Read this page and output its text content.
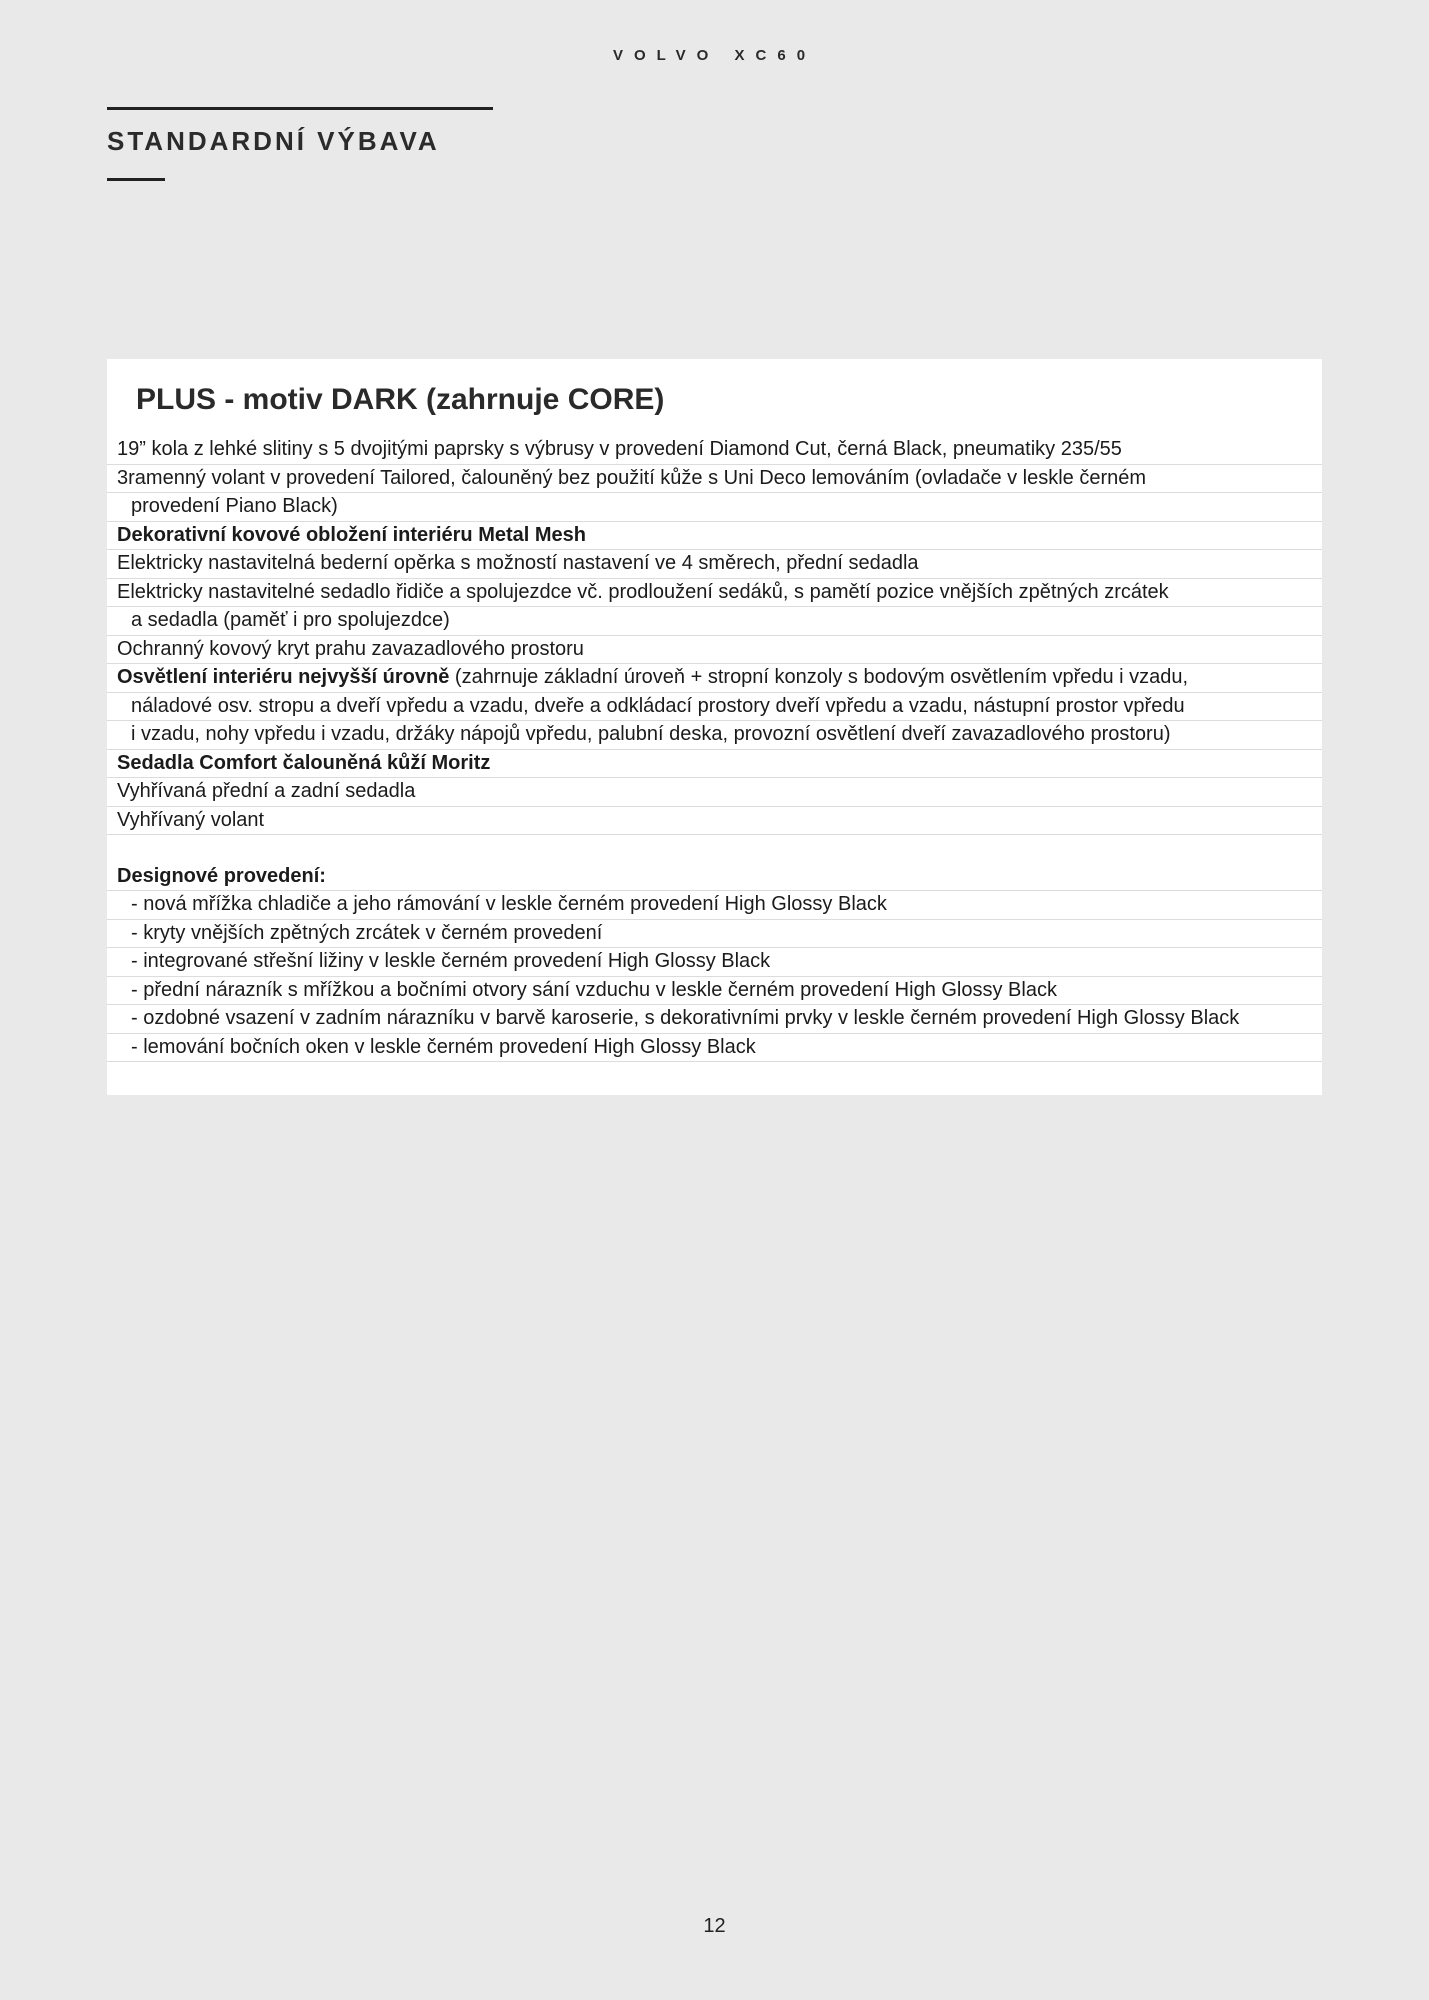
VOLVO XC60
STANDARDNÍ VÝBAVA
PLUS - motiv DARK (zahrnuje CORE)
19” kola z lehké slitiny s 5 dvojitými paprsky s výbrusy v provedení Diamond Cut, černá Black, pneumatiky 235/55
3ramenný volant v provedení Tailored, čalouněný bez použití kůže s Uni Deco lemováním (ovladače v leskle černém
provedení Piano Black)
Dekorativní kovové obložení interiéru Metal Mesh
Elektricky nastavitelná bederní opěrka s možností nastavení ve 4 směrech, přední sedadla
Elektricky nastavitelné sedadlo řidiče a spolujezdce vč. prodloužení sedáků, s pamětí pozice vnějších zpětných zrcátek
a sedadla (paměť i pro spolujezdce)
Ochranný kovový kryt prahu zavazadlového prostoru
Osvětlení interiéru nejvyšší úrovně (zahrnuje základní úroveň + stropní konzoly s bodovým osvětlením vpředu i vzadu,
náladové osv. stropu a dveří vpředu a vzadu, dveře a odkládací prostory dveří vpředu a vzadu, nástupní prostor vpředu
i vzadu, nohy vpředu i vzadu, držáky nápojů vpředu, palubní deska, provozní osvětlení dveří zavazadlového prostoru)
Sedadla Comfort čalouněná kůží Moritz
Vyhřívaná přední a zadní sedadla
Vyhřívaný volant
Designové provedení:
- nová mřížka chladiče a jeho rámování v leskle černém provedení High Glossy Black
- kryty vnějších zpětných zrcátek v černém provedení
- integrované střešní ližiny v leskle černém provedení High Glossy Black
- přední nárazník s mřížkou a bočními otvory sání vzduchu v leskle černém provedení High Glossy Black
- ozdobné vsazení v zadním nárazníku v barvě karoserie, s dekorativními prvky v leskle černém provedení High Glossy Black
- lemování bočních oken v leskle černém provedení High Glossy Black
12
